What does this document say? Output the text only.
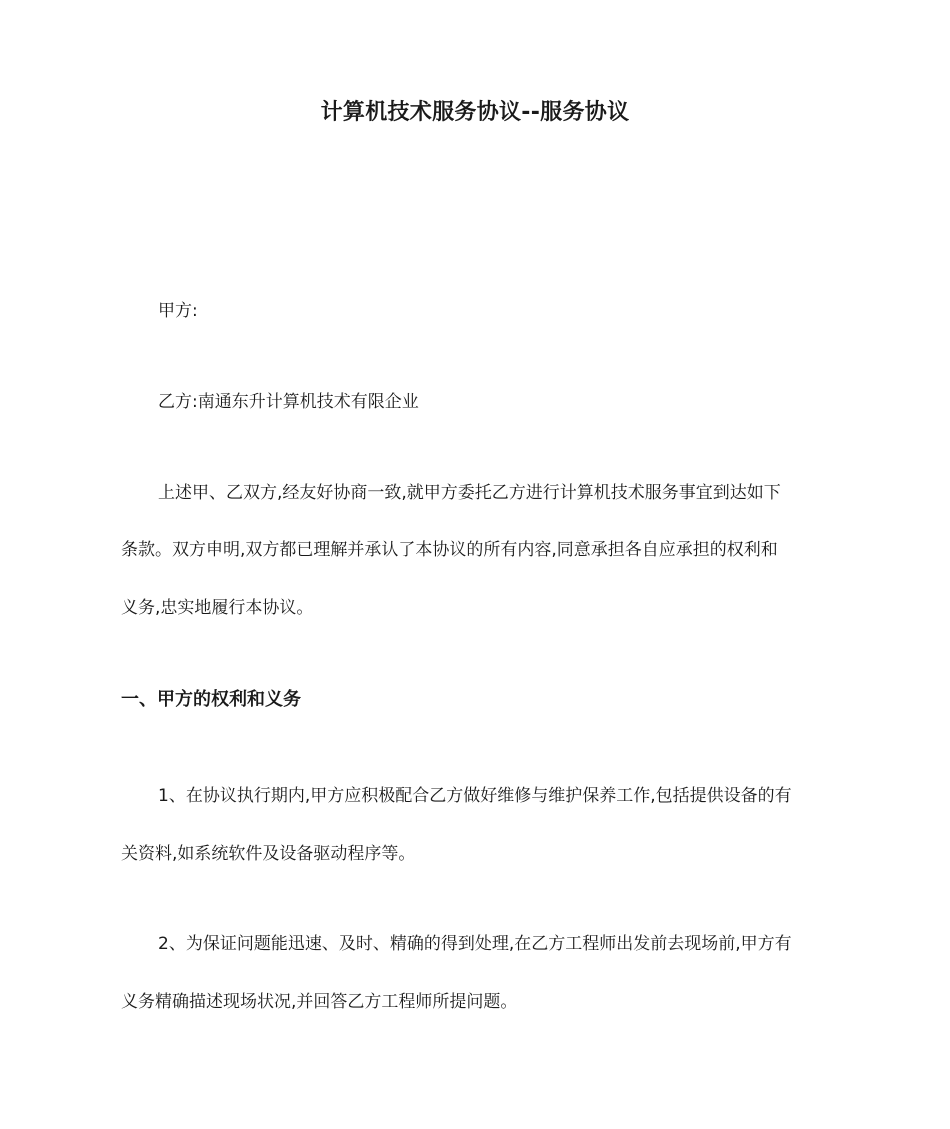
计算机技术服务协议--服务协议
甲方:
乙方:南通东升计算机技术有限企业
上述甲、乙双方,经友好协商一致,就甲方委托乙方进行计算机技术服务事宜到达如下
条款。双方申明,双方都已理解并承认了本协议的所有内容,同意承担各自应承担的权利和
义务,忠实地履行本协议。
一、甲方的权利和义务
1、在协议执行期内,甲方应积极配合乙方做好维修与维护保养工作,包括提供设备的有
关资料,如系统软件及设备驱动程序等。
2、为保证问题能迅速、及时、精确的得到处理,在乙方工程师出发前去现场前,甲方有
义务精确描述现场状况,并回答乙方工程师所提问题。
